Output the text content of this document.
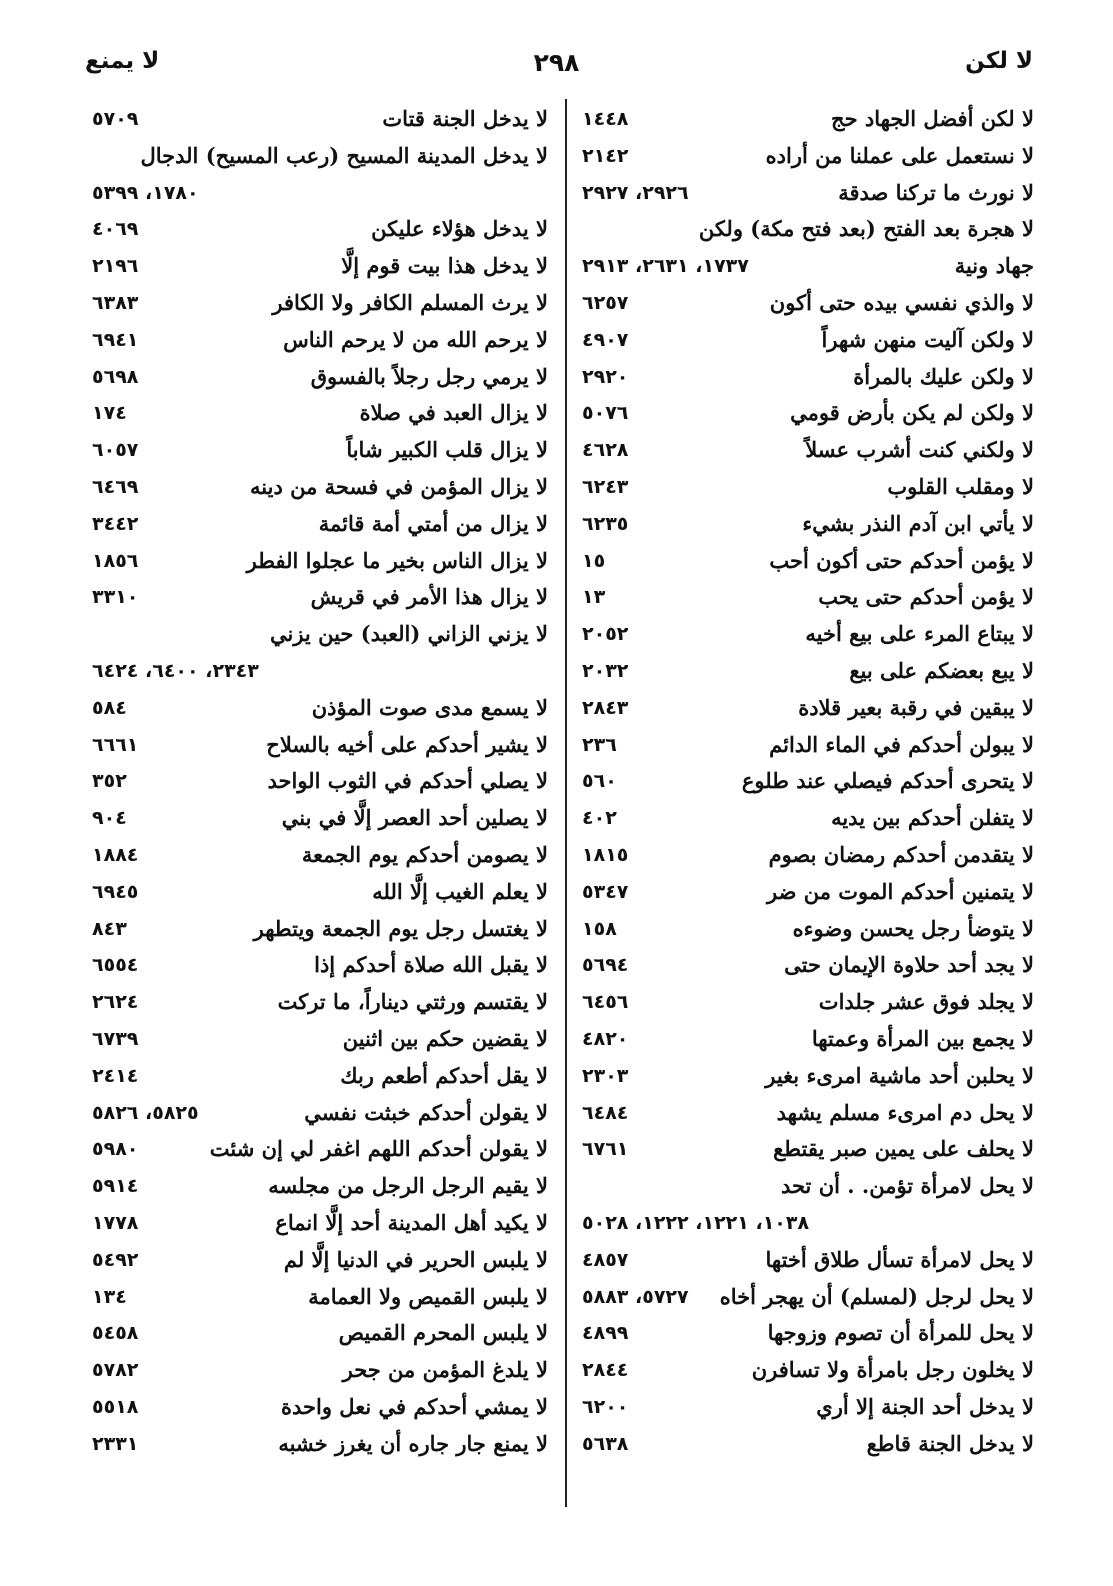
لا لكن
٢٩٨
لا يمنع
لا لكن أفضل الجهاد حج
١٤٤٨
لا نستعمل على عملنا من أراده
٢١٤٢
لا نورث ما تركنا صدقة
٢٩٢٦، ٢٩٢٧
لا هجرة بعد الفتح (بعد فتح مكة) ولكن
جهاد ونية
١٧٣٧، ٢٦٣١، ٢٩١٣
لا والذي نفسي بيده حتى أكون
٦٢٥٧
لا ولكن آليت منهن شهراً
٤٩٠٧
لا ولكن عليك بالمرأة
٢٩٢٠
لا ولكن لم يكن بأرض قومي
٥٠٧٦
لا ولكني كنت أشرب عسلاً
٤٦٢٨
لا ومقلب القلوب
٦٢٤٣
لا يأتي ابن آدم النذر بشيء
٦٢٣٥
لا يؤمن أحدكم حتى أكون أحب
١٥
لا يؤمن أحدكم حتى يحب
١٣
لا يبتاع المرء على بيع أخيه
٢٠٥٢
لا يبع بعضكم على بيع
٢٠٣٢
لا يبقين في رقبة بعير قلادة
٢٨٤٣
لا يبولن أحدكم في الماء الدائم
٢٣٦
لا يتحرى أحدكم فيصلي عند طلوع
٥٦٠
لا يتفلن أحدكم بين يديه
٤٠٢
لا يتقدمن أحدكم رمضان بصوم
١٨١٥
لا يتمنين أحدكم الموت من ضر
٥٣٤٧
لا يتوضأ رجل يحسن وضوءه
١٥٨
لا يجد أحد حلاوة الإيمان حتى
٥٦٩٤
لا يجلد فوق عشر جلدات
٦٤٥٦
لا يجمع بين المرأة وعمتها
٤٨٢٠
لا يحلبن أحد ماشية امرىء بغير
٢٣٠٣
لا يحل دم امرىء مسلم يشهد
٦٤٨٤
لا يحلف على يمين صبر يقتطع
٦٧٦١
لا يحل لامرأة تؤمن. . أن تحد
١٠٣٨، ١٢٢١، ١٢٢٢، ٥٠٢٨
لا يحل لامرأة تسأل طلاق أختها
٤٨٥٧
لا يحل لرجل (لمسلم) أن يهجر أخاه
٥٧٢٧، ٥٨٨٣
لا يحل للمرأة أن تصوم وزوجها
٤٨٩٩
لا يخلون رجل بامرأة ولا تسافرن
٢٨٤٤
لا يدخل أحد الجنة إلا أري
٦٢٠٠
لا يدخل الجنة قاطع
٥٦٣٨
لا يدخل الجنة قتات
٥٧٠٩
لا يدخل المدينة المسيح (رعب المسيح) الدجال
١٧٨٠، ٥٣٩٩
لا يدخل هؤلاء عليكن
٤٠٦٩
لا يدخل هذا بيت قوم إلَّا
٢١٩٦
لا يرث المسلم الكافر ولا الكافر
٦٣٨٣
لا يرحم الله من لا يرحم الناس
٦٩٤١
لا يرمي رجل رجلاً بالفسوق
٥٦٩٨
لا يزال العبد في صلاة
١٧٤
لا يزال قلب الكبير شاباً
٦٠٥٧
لا يزال المؤمن في فسحة من دينه
٦٤٦٩
لا يزال من أمتي أمة قائمة
٣٤٤٢
لا يزال الناس بخير ما عجلوا الفطر
١٨٥٦
لا يزال هذا الأمر في قريش
٣٣١٠
لا يزني الزاني (العبد) حين يزني
٢٣٤٣، ٦٤٠٠، ٦٤٢٤
لا يسمع مدى صوت المؤذن
٥٨٤
لا يشير أحدكم على أخيه بالسلاح
٦٦٦١
لا يصلي أحدكم في الثوب الواحد
٣٥٢
لا يصلين أحد العصر إلَّا في بني
٩٠٤
لا يصومن أحدكم يوم الجمعة
١٨٨٤
لا يعلم الغيب إلَّا الله
٦٩٤٥
لا يغتسل رجل يوم الجمعة ويتطهر
٨٤٣
لا يقبل الله صلاة أحدكم إذا
٦٥٥٤
لا يقتسم ورثتي ديناراً، ما تركت
٢٦٢٤
لا يقضين حكم بين اثنين
٦٧٣٩
لا يقل أحدكم أطعم ربك
٢٤١٤
لا يقولن أحدكم خبثت نفسي
٥٨٢٥، ٥٨٢٦
لا يقولن أحدكم اللهم اغفر لي إن شئت
٥٩٨٠
لا يقيم الرجل الرجل من مجلسه
٥٩١٤
لا يكيد أهل المدينة أحد إلَّا انماع
١٧٧٨
لا يلبس الحرير في الدنيا إلَّا لم
٥٤٩٢
لا يلبس القميص ولا العمامة
١٣٤
لا يلبس المحرم القميص
٥٤٥٨
لا يلدغ المؤمن من جحر
٥٧٨٢
لا يمشي أحدكم في نعل واحدة
٥٥١٨
لا يمنع جار جاره أن يغرز خشبه
٢٣٣١
